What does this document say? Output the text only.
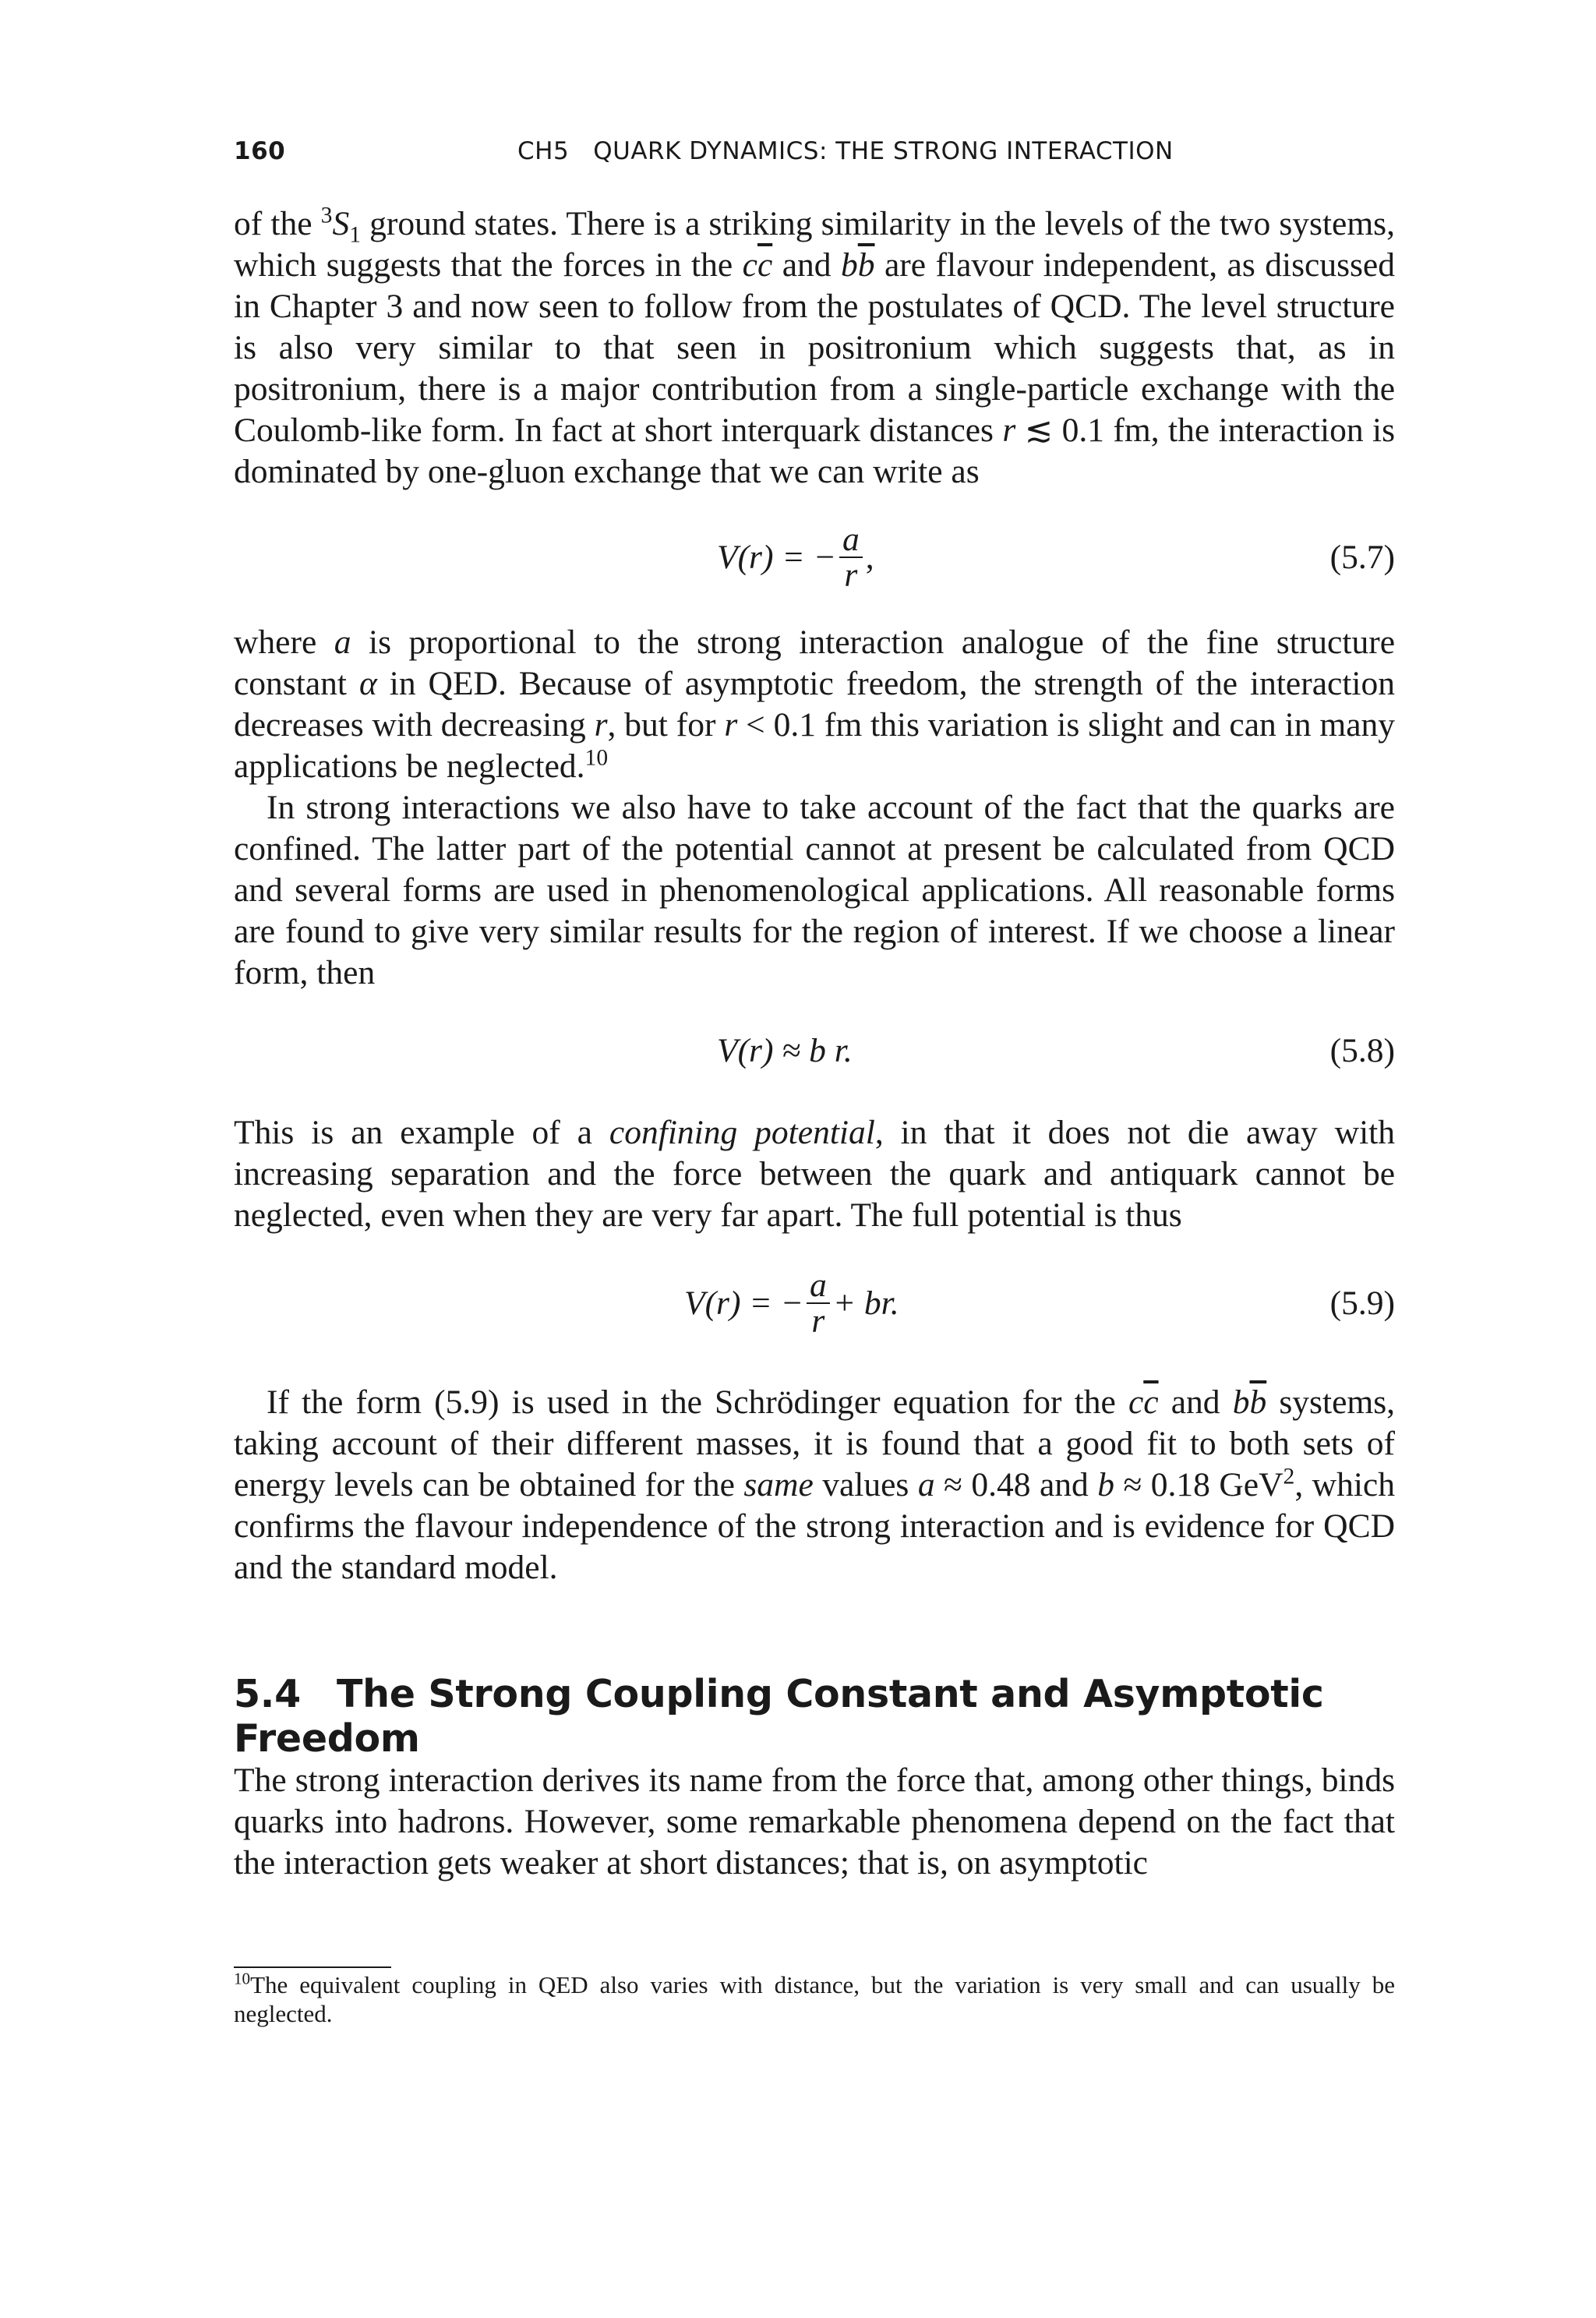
160	CH5   QUARK DYNAMICS: THE STRONG INTERACTION

of the $^3S_1$ ground states. There is a striking similarity in the levels of the two systems, which suggests that the forces in the $c\overline{c}$ and $b\overline{b}$ are flavour independent, as discussed in Chapter 3 and now seen to follow from the postulates of QCD. The level structure is also very similar to that seen in positronium which suggests that, as in positronium, there is a major contribution from a single-particle exchange with the Coulomb-like form. In fact at short interquark distances r ≲ 0.1 fm, the interaction is dominated by one-gluon exchange that we can write as

V(r) = − $\frac{a}{r}$ ,	(5.7)

where a is proportional to the strong interaction analogue of the fine structure constant α in QED. Because of asymptotic freedom, the strength of the interaction decreases with decreasing r, but for r < 0.1 fm this variation is slight and can in many applications be neglected.$^{10}$

In strong interactions we also have to take account of the fact that the quarks are confined. The latter part of the potential cannot at present be calculated from QCD and several forms are used in phenomenological applications. All reasonable forms are found to give very similar results for the region of interest. If we choose a linear form, then

V(r) ≈ b r.	(5.8)

This is an example of a confining potential, in that it does not die away with increasing separation and the force between the quark and antiquark cannot be neglected, even when they are very far apart. The full potential is thus

V(r) = − $\frac{a}{r}$ + br.	(5.9)

If the form (5.9) is used in the Schrödinger equation for the $c\overline{c}$ and $b\overline{b}$ systems, taking account of their different masses, it is found that a good fit to both sets of energy levels can be obtained for the same values a ≈ 0.48 and b ≈ 0.18 GeV$^2$, which confirms the flavour independence of the strong interaction and is evidence for QCD and the standard model.

5.4 The Strong Coupling Constant and Asymptotic Freedom

The strong interaction derives its name from the force that, among other things, binds quarks into hadrons. However, some remarkable phenomena depend on the fact that the interaction gets weaker at short distances; that is, on asymptotic

$^{10}$The equivalent coupling in QED also varies with distance, but the variation is very small and can usually be neglected.
